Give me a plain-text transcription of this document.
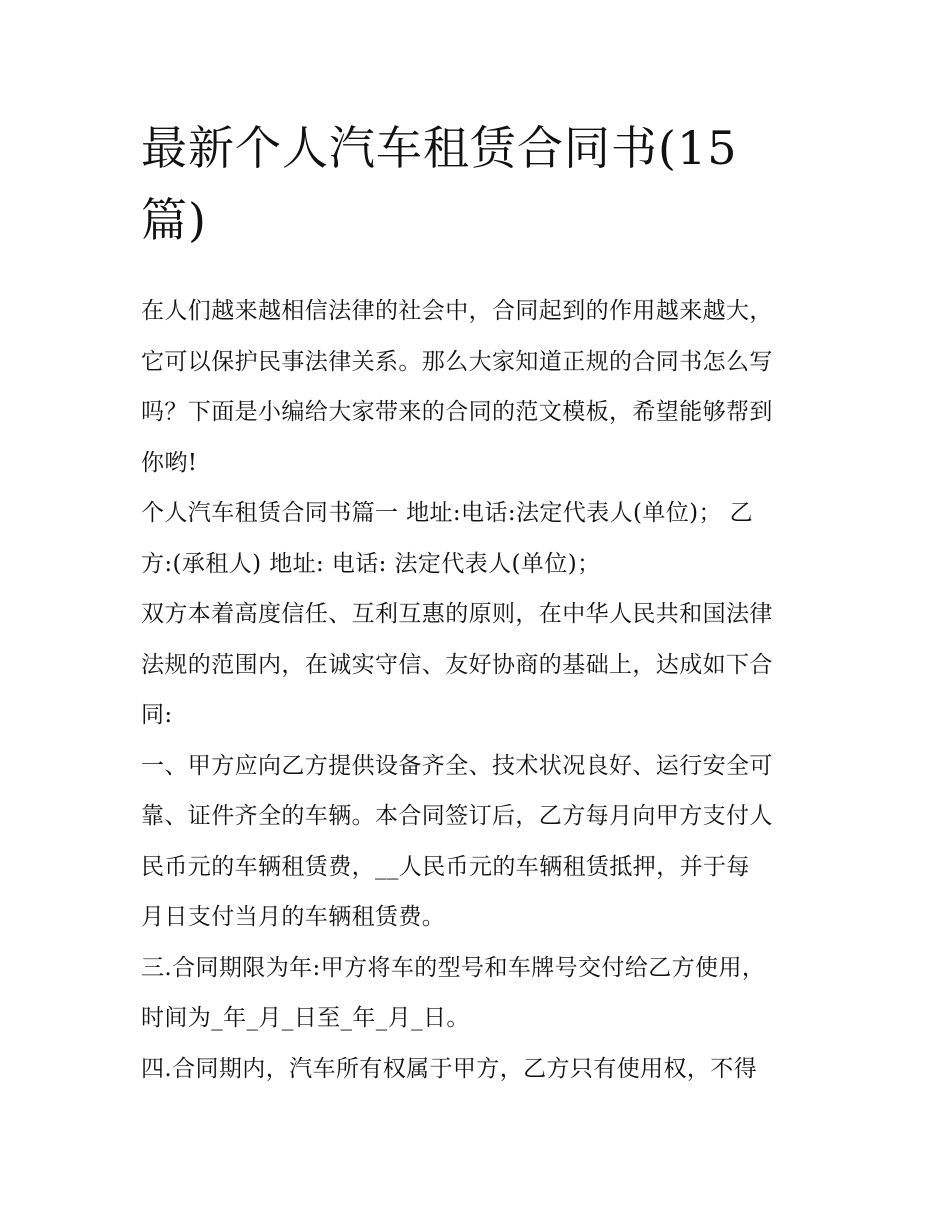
最新个人汽车租赁合同书(15
篇)

在人们越来越相信法律的社会中，合同起到的作用越来越大，
它可以保护民事法律关系。那么大家知道正规的合同书怎么写
吗？下面是小编给大家带来的合同的范文模板，希望能够帮到
你哟!

个人汽车租赁合同书篇一 地址:电话:法定代表人(单位)； 乙
方:(承租人) 地址: 电话: 法定代表人(单位)；

双方本着高度信任、互利互惠的原则，在中华人民共和国法律
法规的范围内，在诚实守信、友好协商的基础上，达成如下合
同:

一、甲方应向乙方提供设备齐全、技术状况良好、运行安全可
靠、证件齐全的车辆。本合同签订后，乙方每月向甲方支付人
民币元的车辆租赁费，__人民币元的车辆租赁抵押，并于每
月日支付当月的车辆租赁费。

三.合同期限为年:甲方将车的型号和车牌号交付给乙方使用，
时间为_年_月_日至_年_月_日。

四.合同期内，汽车所有权属于甲方，乙方只有使用权，不得
